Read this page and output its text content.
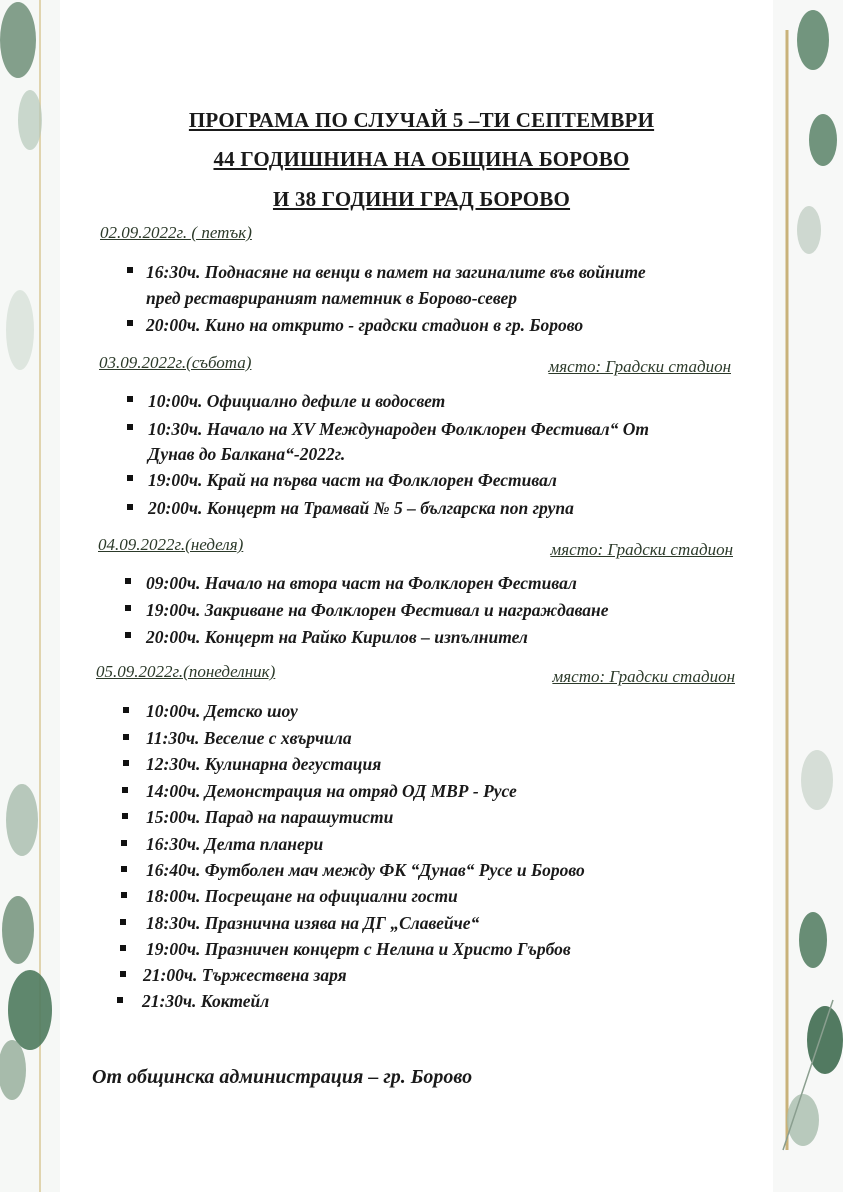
ПРОГРАМА ПО СЛУЧАЙ 5 –ТИ СЕПТЕМВРИ
44 ГОДИШНИНА НА ОБЩИНА БОРОВО
И 38 ГОДИНИ ГРАД БОРОВО
02.09.2022г. ( петък)
16:30ч. Поднасяне на венци в памет на загиналите във войните
пред реставрираният паметник в Борово-север
20:00ч. Кино на открито - градски стадион в гр. Борово
03.09.2022г.(събота)	място: Градски стадион
10:00ч. Официално дефиле и водосвет
10:30ч. Начало на XV Международен Фолклорен Фестивал“ От
Дунав до Балкана“-2022г.
19:00ч. Край на първа част на Фолклорен Фестивал
20:00ч. Концерт на Трамвай № 5 – българска поп група
04.09.2022г.(неделя)	място: Градски стадион
09:00ч. Начало на втора част на Фолклорен Фестивал
19:00ч. Закриване на Фолклорен Фестивал и награждаване
20:00ч. Концерт на Райко Кирилов – изпълнител
05.09.2022г.(понеделник)	място: Градски стадион
10:00ч. Детско шоу
11:30ч. Веселие с хвърчила
12:30ч. Кулинарна дегустация
14:00ч. Демонстрация на отряд ОД МВР - Русе
15:00ч. Парад на парашутисти
16:30ч. Делта планери
16:40ч. Футболен мач между ФК “Дунав“ Русе и Борово
18:00ч. Посрещане на официални гости
18:30ч. Празнична изява на ДГ „Славейче“
19:00ч. Празничен концерт с Нелина и Христо Гърбов
21:00ч. Тържествена заря
21:30ч. Коктейл
От общинска администрация – гр. Борово
